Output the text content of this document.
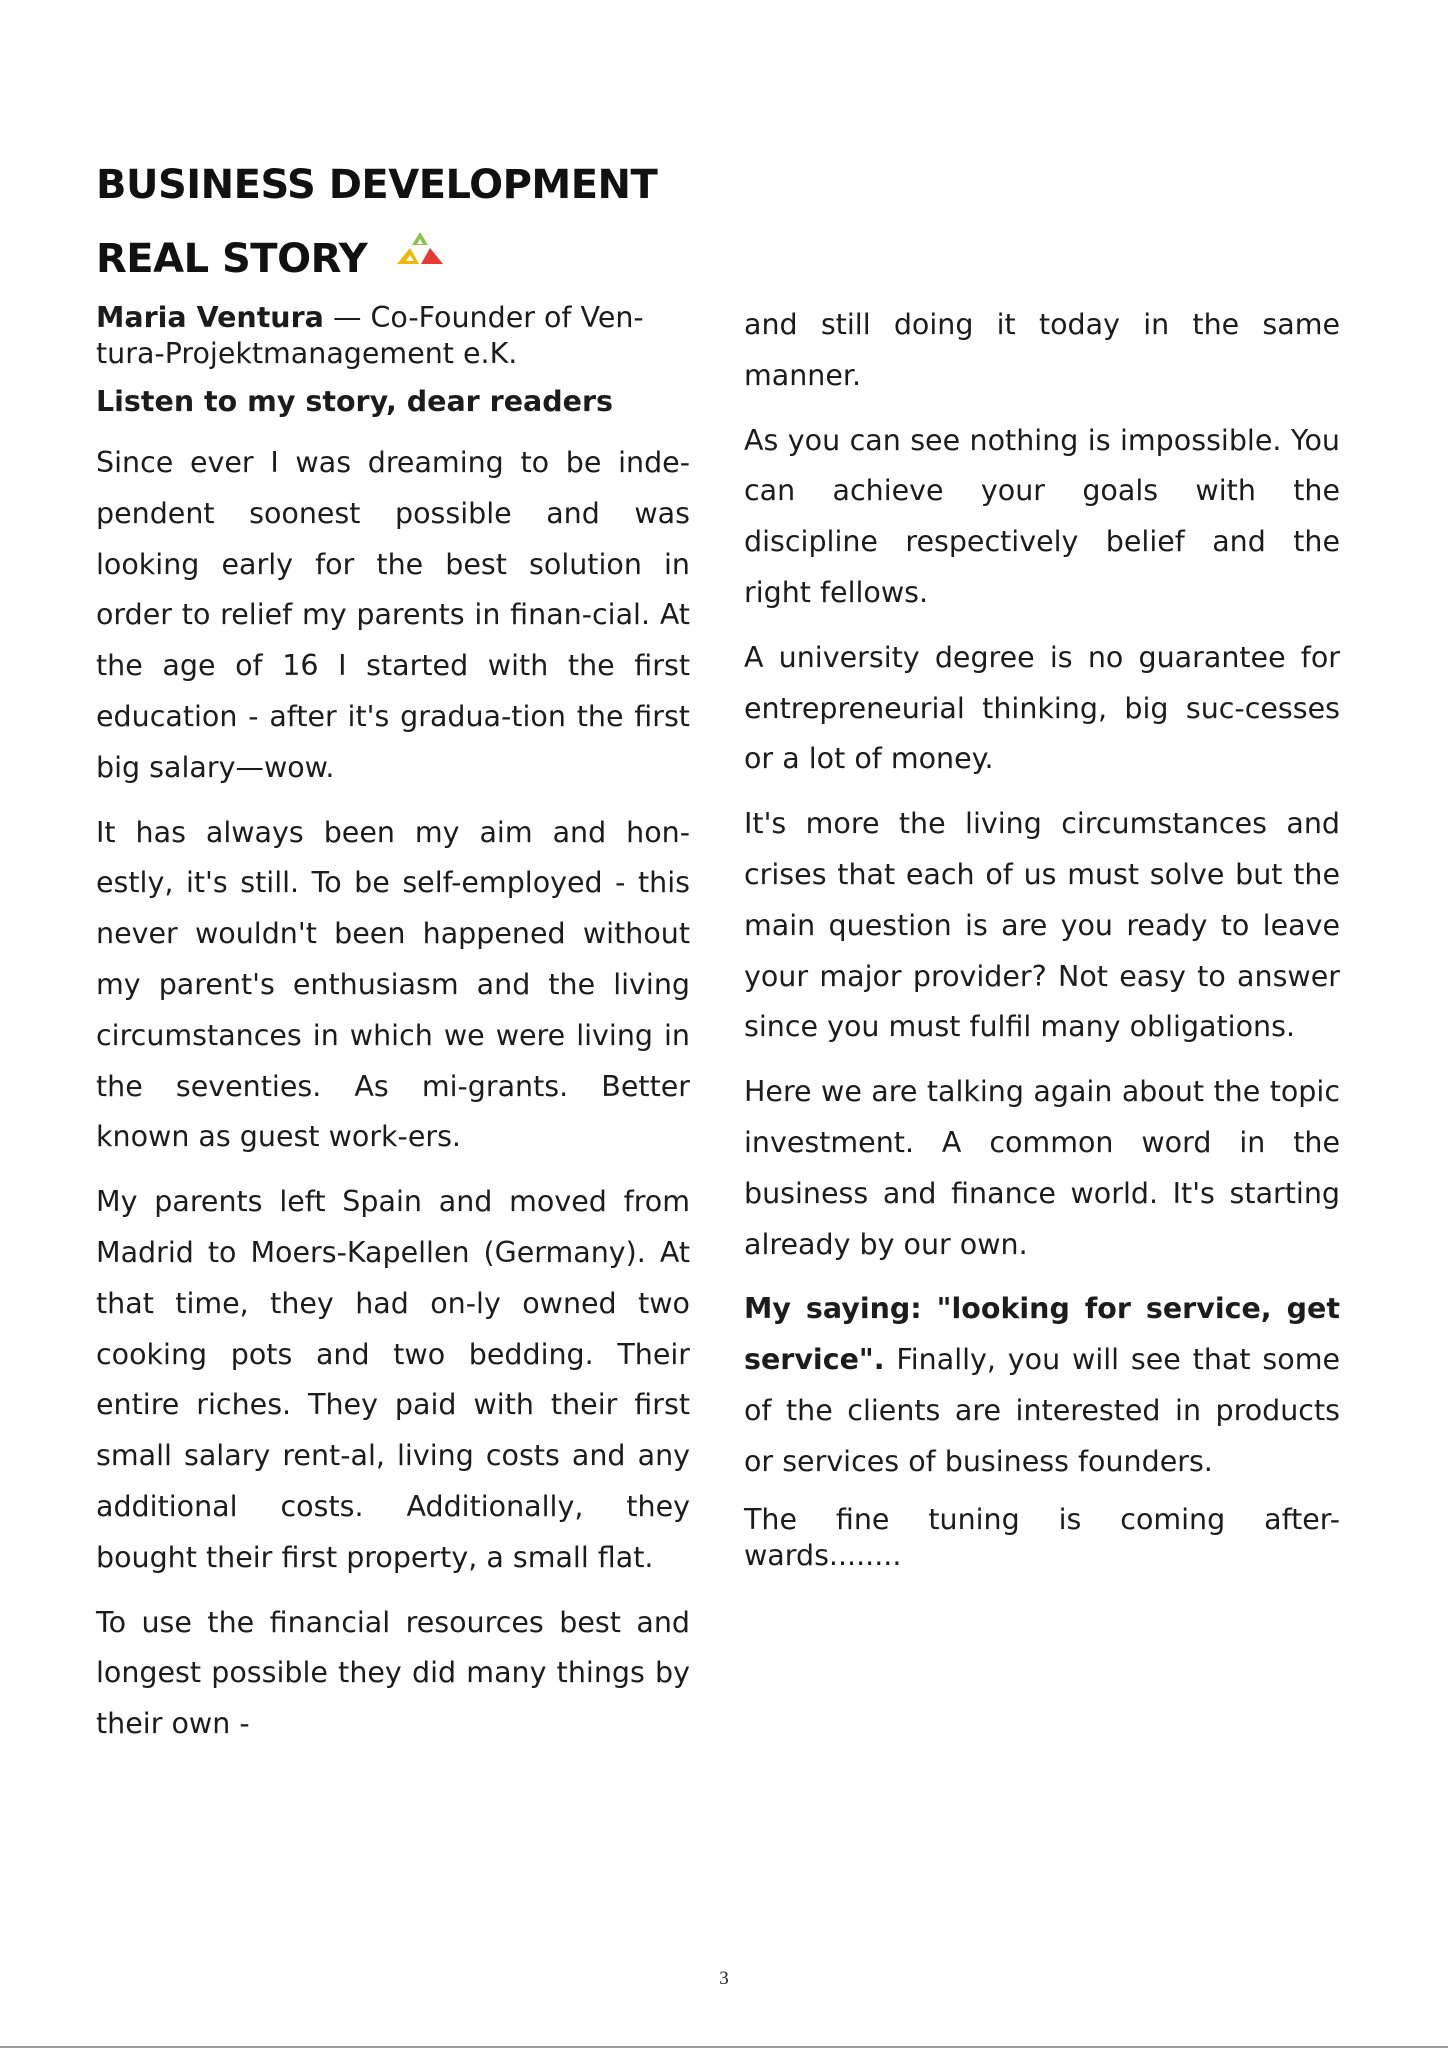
BUSINESS DEVELOPMENT
REAL STORY

Maria Ventura — Co-Founder of Ven-tura-Projektmanagement e.K.

Listen to my story, dear readers

Since ever I was dreaming to be inde-pendent soonest possible and was looking early for the best solution in order to relief my parents in finan-cial. At the age of 16 I started with the first education - after it's gradua-tion the first big salary—wow.

It has always been my aim and hon-estly, it's still. To be self-employed - this never wouldn't been happened without my parent's enthusiasm and the living circumstances in which we were living in the seventies. As mi-grants. Better known as guest work-ers.

My parents left Spain and moved from Madrid to Moers-Kapellen (Germany). At that time, they had on-ly owned two cooking pots and two bedding. Their entire riches. They paid with their first small salary rent-al, living costs and any additional costs. Additionally, they bought their first property, a small flat.

To use the financial resources best and longest possible they did many things by their own -

and still doing it today in the same manner.

As you can see nothing is impossible. You can achieve your goals with the discipline respectively belief and the right fellows.

A university degree is no guarantee for entrepreneurial thinking, big suc-cesses or a lot of money.

It's more the living circumstances and crises that each of us must solve but the main question is are you ready to leave your major provider? Not easy to answer since you must fulfil many obligations.

Here we are talking again about the topic investment. A common word in the business and finance world. It's starting already by our own.

My saying: "looking for service, get service". Finally, you will see that some of the clients are interested in products or services of business founders.

The fine tuning is coming after-wards........

3
